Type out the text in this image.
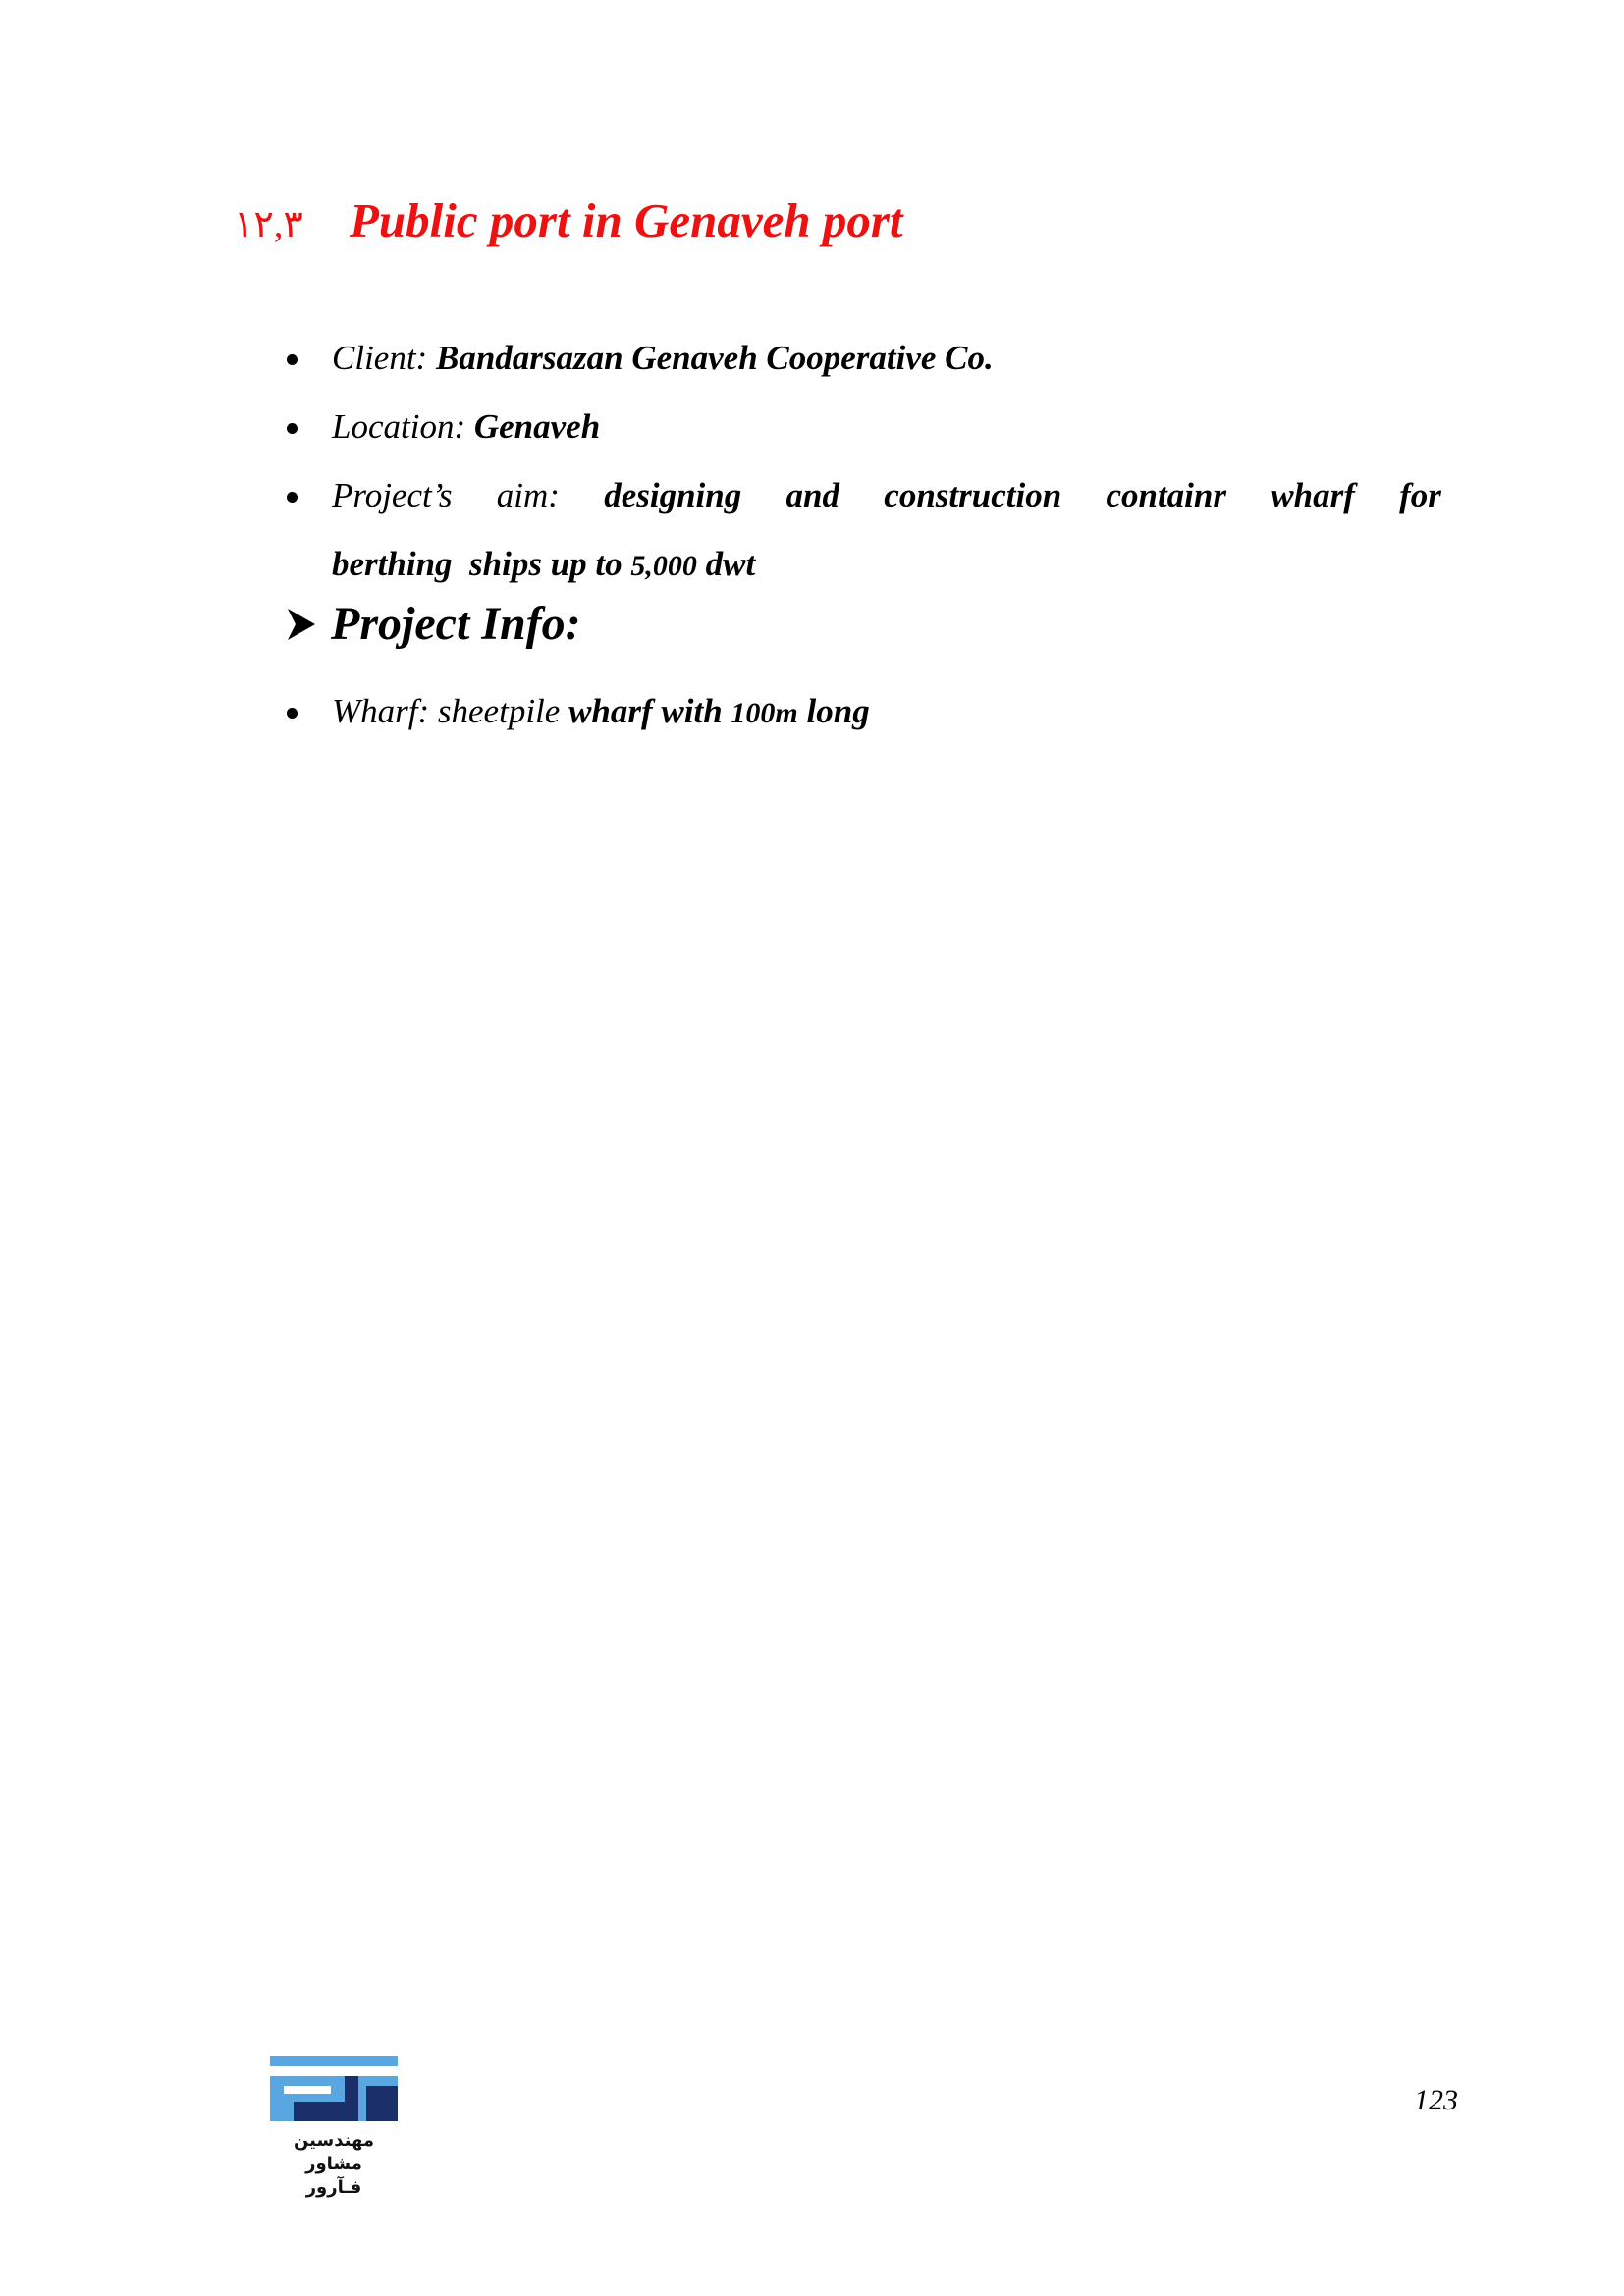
۱۲,۳ Public port in Genaveh port
Client: Bandarsazan Genaveh Cooperative Co.
Location: Genaveh
Project’s aim: designing and construction containr wharf for
berthing  ships up to 5,000 dwt
Project Info:
Wharf: sheetpile wharf with 100m long
مهندسین مشاور
فـآرور
123
